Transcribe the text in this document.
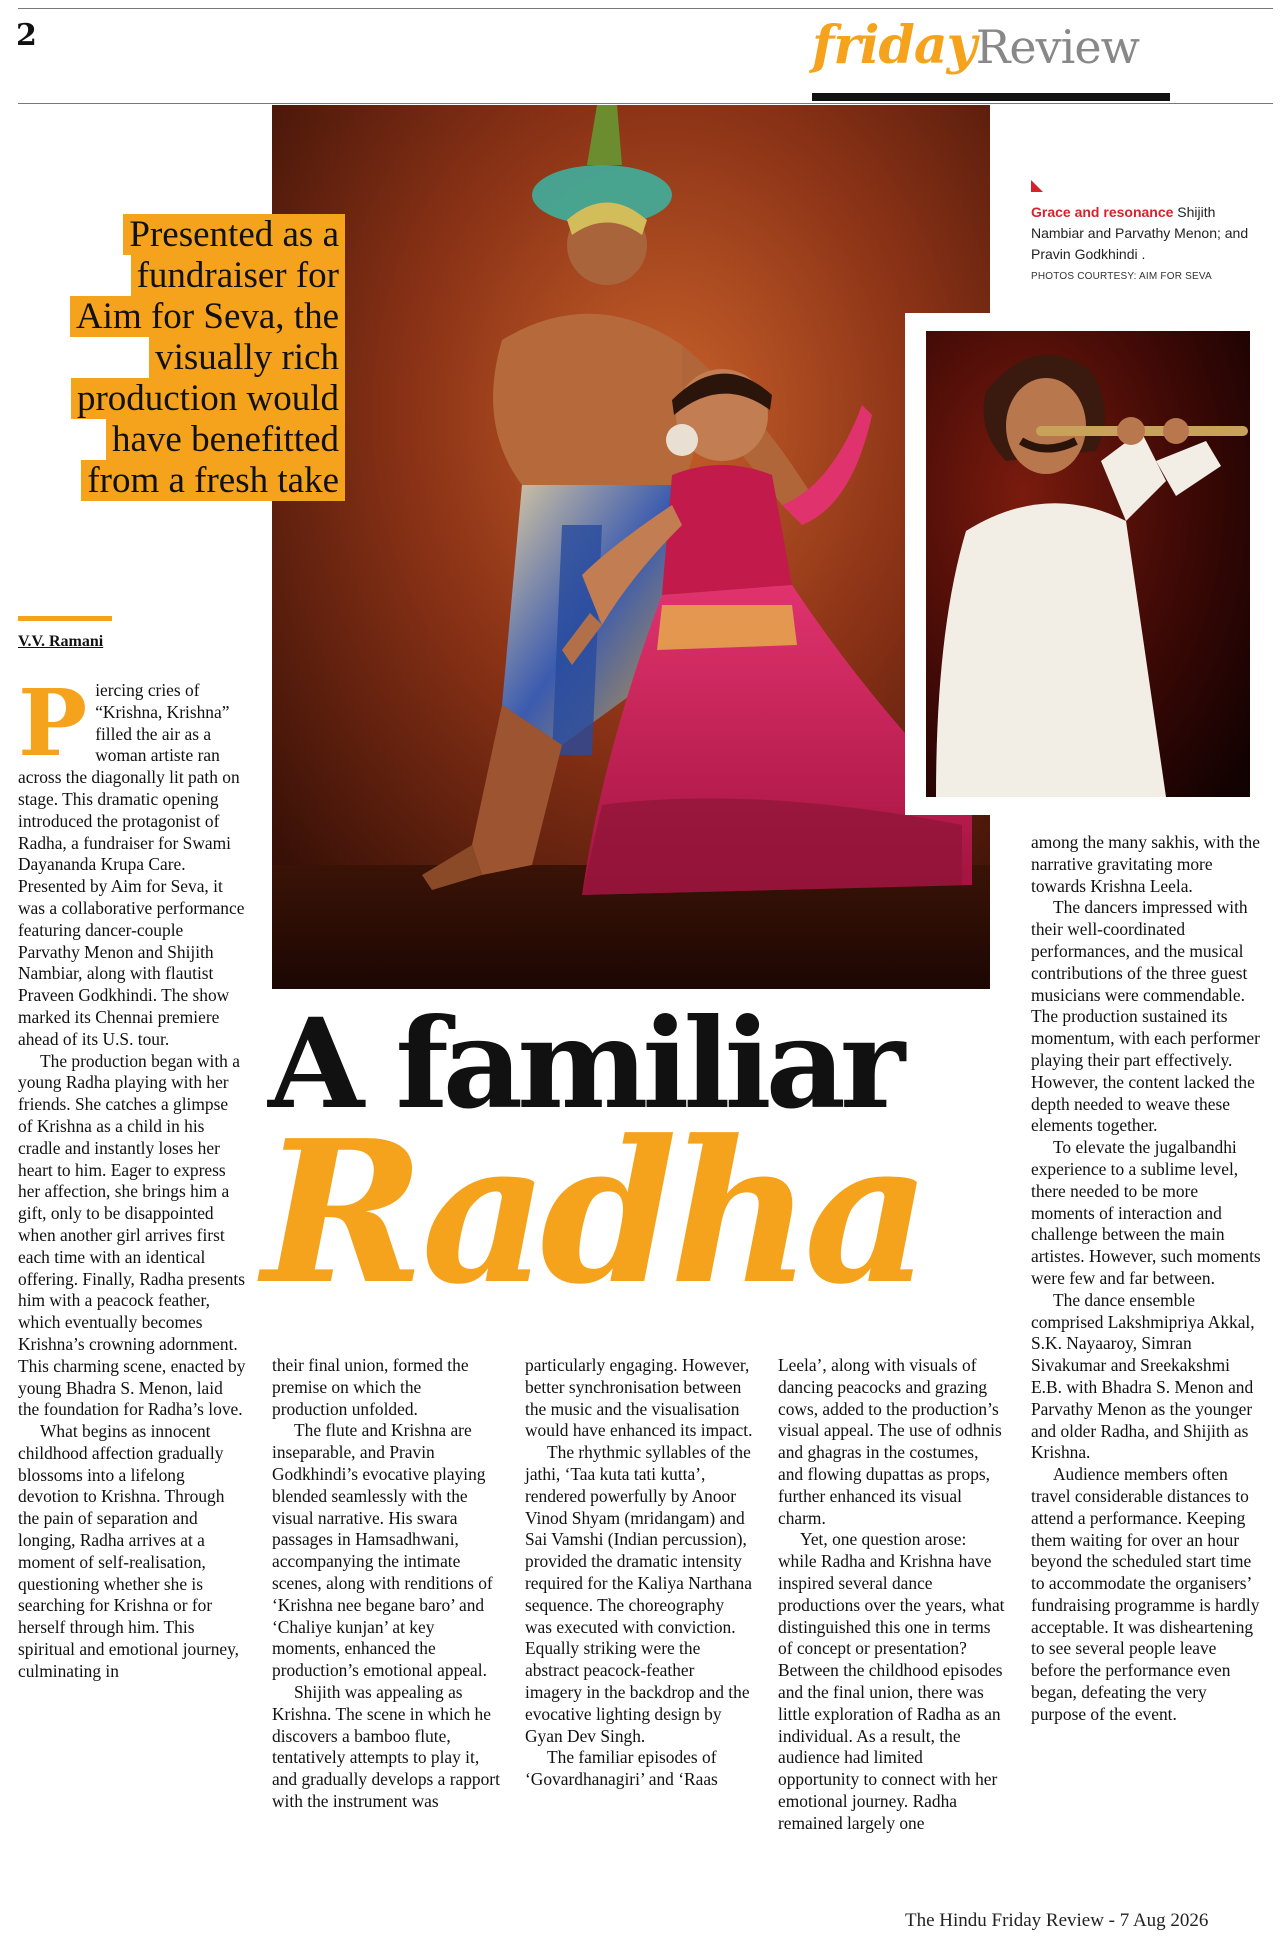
2	fridayReview
Grace and resonance Shijith Nambiar and Parvathy Menon; and Pravin Godkhindi .
PHOTOS COURTESY: AIM FOR SEVA
Presented as a
fundraiser for
Aim for Seva, the
visually rich
production would
have benefitted
from a fresh take
V.V. Ramani
A familiar
Radha

Piercing cries of “Krishna, Krishna” filled the air as a woman artiste ran across the diagonally lit path on stage. This dramatic opening introduced the protagonist of Radha, a fundraiser for Swami Dayananda Krupa Care. Presented by Aim for Seva, it was a collaborative performance featuring dancer-couple Parvathy Menon and Shijith Nambiar, along with flautist Praveen Godkhindi. The show marked its Chennai premiere ahead of its U.S. tour.

The production began with a young Radha playing with her friends. She catches a glimpse of Krishna as a child in his cradle and instantly loses her heart to him. Eager to express her affection, she brings him a gift, only to be disappointed when another girl arrives first each time with an identical offering. Finally, Radha presents him with a peacock feather, which eventually becomes Krishna’s crowning adornment. This charming scene, enacted by young Bhadra S. Menon, laid the foundation for Radha’s love.

What begins as innocent childhood affection gradually blossoms into a lifelong devotion to Krishna. Through the pain of separation and longing, Radha arrives at a moment of self-realisation, questioning whether she is searching for Krishna or for herself through him. This spiritual and emotional journey, culminating in

their final union, formed the premise on which the production unfolded.

The flute and Krishna are inseparable, and Pravin Godkhindi’s evocative playing blended seamlessly with the visual narrative. His swara passages in Hamsadhwani, accompanying the intimate scenes, along with renditions of ‘Krishna nee begane baro’ and ‘Chaliye kunjan’ at key moments, enhanced the production’s emotional appeal.

Shijith was appealing as Krishna. The scene in which he discovers a bamboo flute, tentatively attempts to play it, and gradually develops a rapport with the instrument was

particularly engaging. However, better synchronisation between the music and the visualisation would have enhanced its impact.

The rhythmic syllables of the jathi, ‘Taa kuta tati kutta’, rendered powerfully by Anoor Vinod Shyam (mridangam) and Sai Vamshi (Indian percussion), provided the dramatic intensity required for the Kaliya Narthana sequence. The choreography was executed with conviction. Equally striking were the abstract peacock-feather imagery in the backdrop and the evocative lighting design by Gyan Dev Singh.

The familiar episodes of ‘Govardhanagiri’ and ‘Raas

Leela’, along with visuals of dancing peacocks and grazing cows, added to the production’s visual appeal. The use of odhnis and ghagras in the costumes, and flowing dupattas as props, further enhanced its visual charm.

Yet, one question arose: while Radha and Krishna have inspired several dance productions over the years, what distinguished this one in terms of concept or presentation? Between the childhood episodes and the final union, there was little exploration of Radha as an individual. As a result, the audience had limited opportunity to connect with her emotional journey. Radha remained largely one

among the many sakhis, with the narrative gravitating more towards Krishna Leela.

The dancers impressed with their well-coordinated performances, and the musical contributions of the three guest musicians were commendable. The production sustained its momentum, with each performer playing their part effectively. However, the content lacked the depth needed to weave these elements together.

To elevate the jugalbandhi experience to a sublime level, there needed to be more moments of interaction and challenge between the main artistes. However, such moments were few and far between.

The dance ensemble comprised Lakshmipriya Akkal, S.K. Nayaaroy, Simran Sivakumar and Sreekakshmi E.B. with Bhadra S. Menon and Parvathy Menon as the younger and older Radha, and Shijith as Krishna.

Audience members often travel considerable distances to attend a performance. Keeping them waiting for over an hour beyond the scheduled start time to accommodate the organisers’ fundraising programme is hardly acceptable. It was disheartening to see several people leave before the performance even began, defeating the very purpose of the event.

The Hindu Friday Review - 7 Aug 2026
